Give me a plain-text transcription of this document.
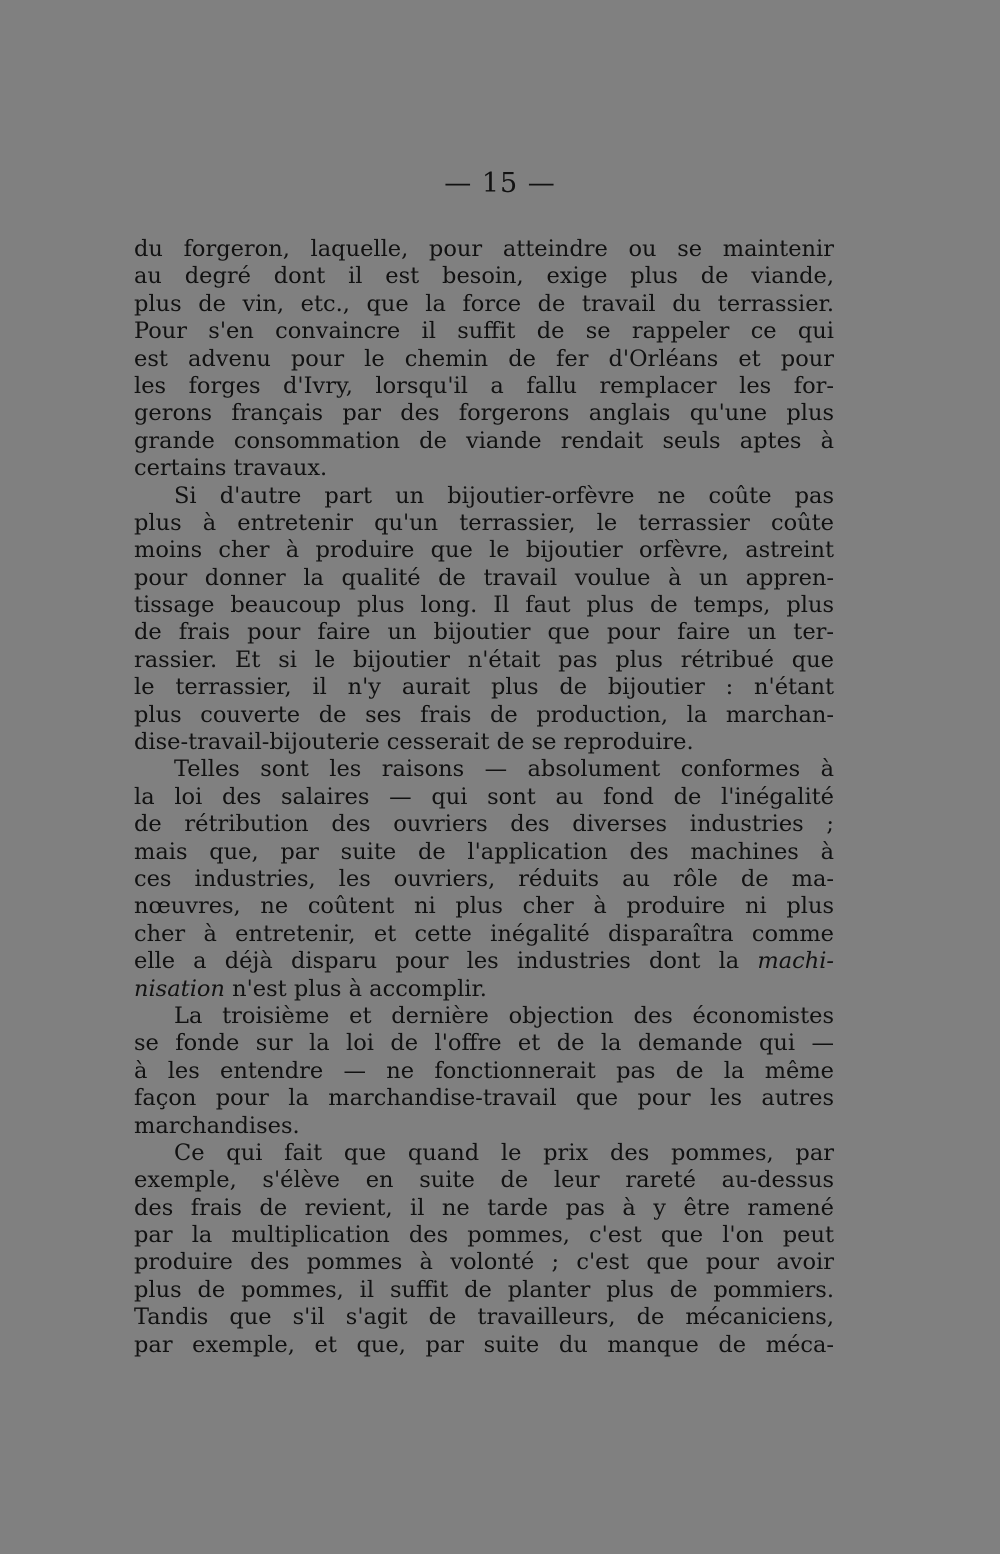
— 15 —
du forgeron, laquelle, pour atteindre ou se maintenir
au degré dont il est besoin, exige plus de viande,
plus de vin, etc., que la force de travail du terrassier.
Pour s'en convaincre il suffit de se rappeler ce qui
est advenu pour le chemin de fer d'Orléans et pour
les forges d'Ivry, lorsqu'il a fallu remplacer les for-
gerons français par des forgerons anglais qu'une plus
grande consommation de viande rendait seuls aptes à
certains travaux.
Si d'autre part un bijoutier-orfèvre ne coûte pas
plus à entretenir qu'un terrassier, le terrassier coûte
moins cher à produire que le bijoutier orfèvre, astreint
pour donner la qualité de travail voulue à un appren-
tissage beaucoup plus long. Il faut plus de temps, plus
de frais pour faire un bijoutier que pour faire un ter-
rassier. Et si le bijoutier n'était pas plus rétribué que
le terrassier, il n'y aurait plus de bijoutier : n'étant
plus couverte de ses frais de production, la marchan-
dise-travail-bijouterie cesserait de se reproduire.
Telles sont les raisons — absolument conformes à
la loi des salaires — qui sont au fond de l'inégalité
de rétribution des ouvriers des diverses industries ;
mais que, par suite de l'application des machines à
ces industries, les ouvriers, réduits au rôle de ma-
nœuvres, ne coûtent ni plus cher à produire ni plus
cher à entretenir, et cette inégalité disparaîtra comme
elle a déjà disparu pour les industries dont la machi-
nisation n'est plus à accomplir.
La troisième et dernière objection des économistes
se fonde sur la loi de l'offre et de la demande qui —
à les entendre — ne fonctionnerait pas de la même
façon pour la marchandise-travail que pour les autres
marchandises.
Ce qui fait que quand le prix des pommes, par
exemple, s'élève en suite de leur rareté au-dessus
des frais de revient, il ne tarde pas à y être ramené
par la multiplication des pommes, c'est que l'on peut
produire des pommes à volonté ; c'est que pour avoir
plus de pommes, il suffit de planter plus de pommiers.
Tandis que s'il s'agit de travailleurs, de mécaniciens,
par exemple, et que, par suite du manque de méca-
